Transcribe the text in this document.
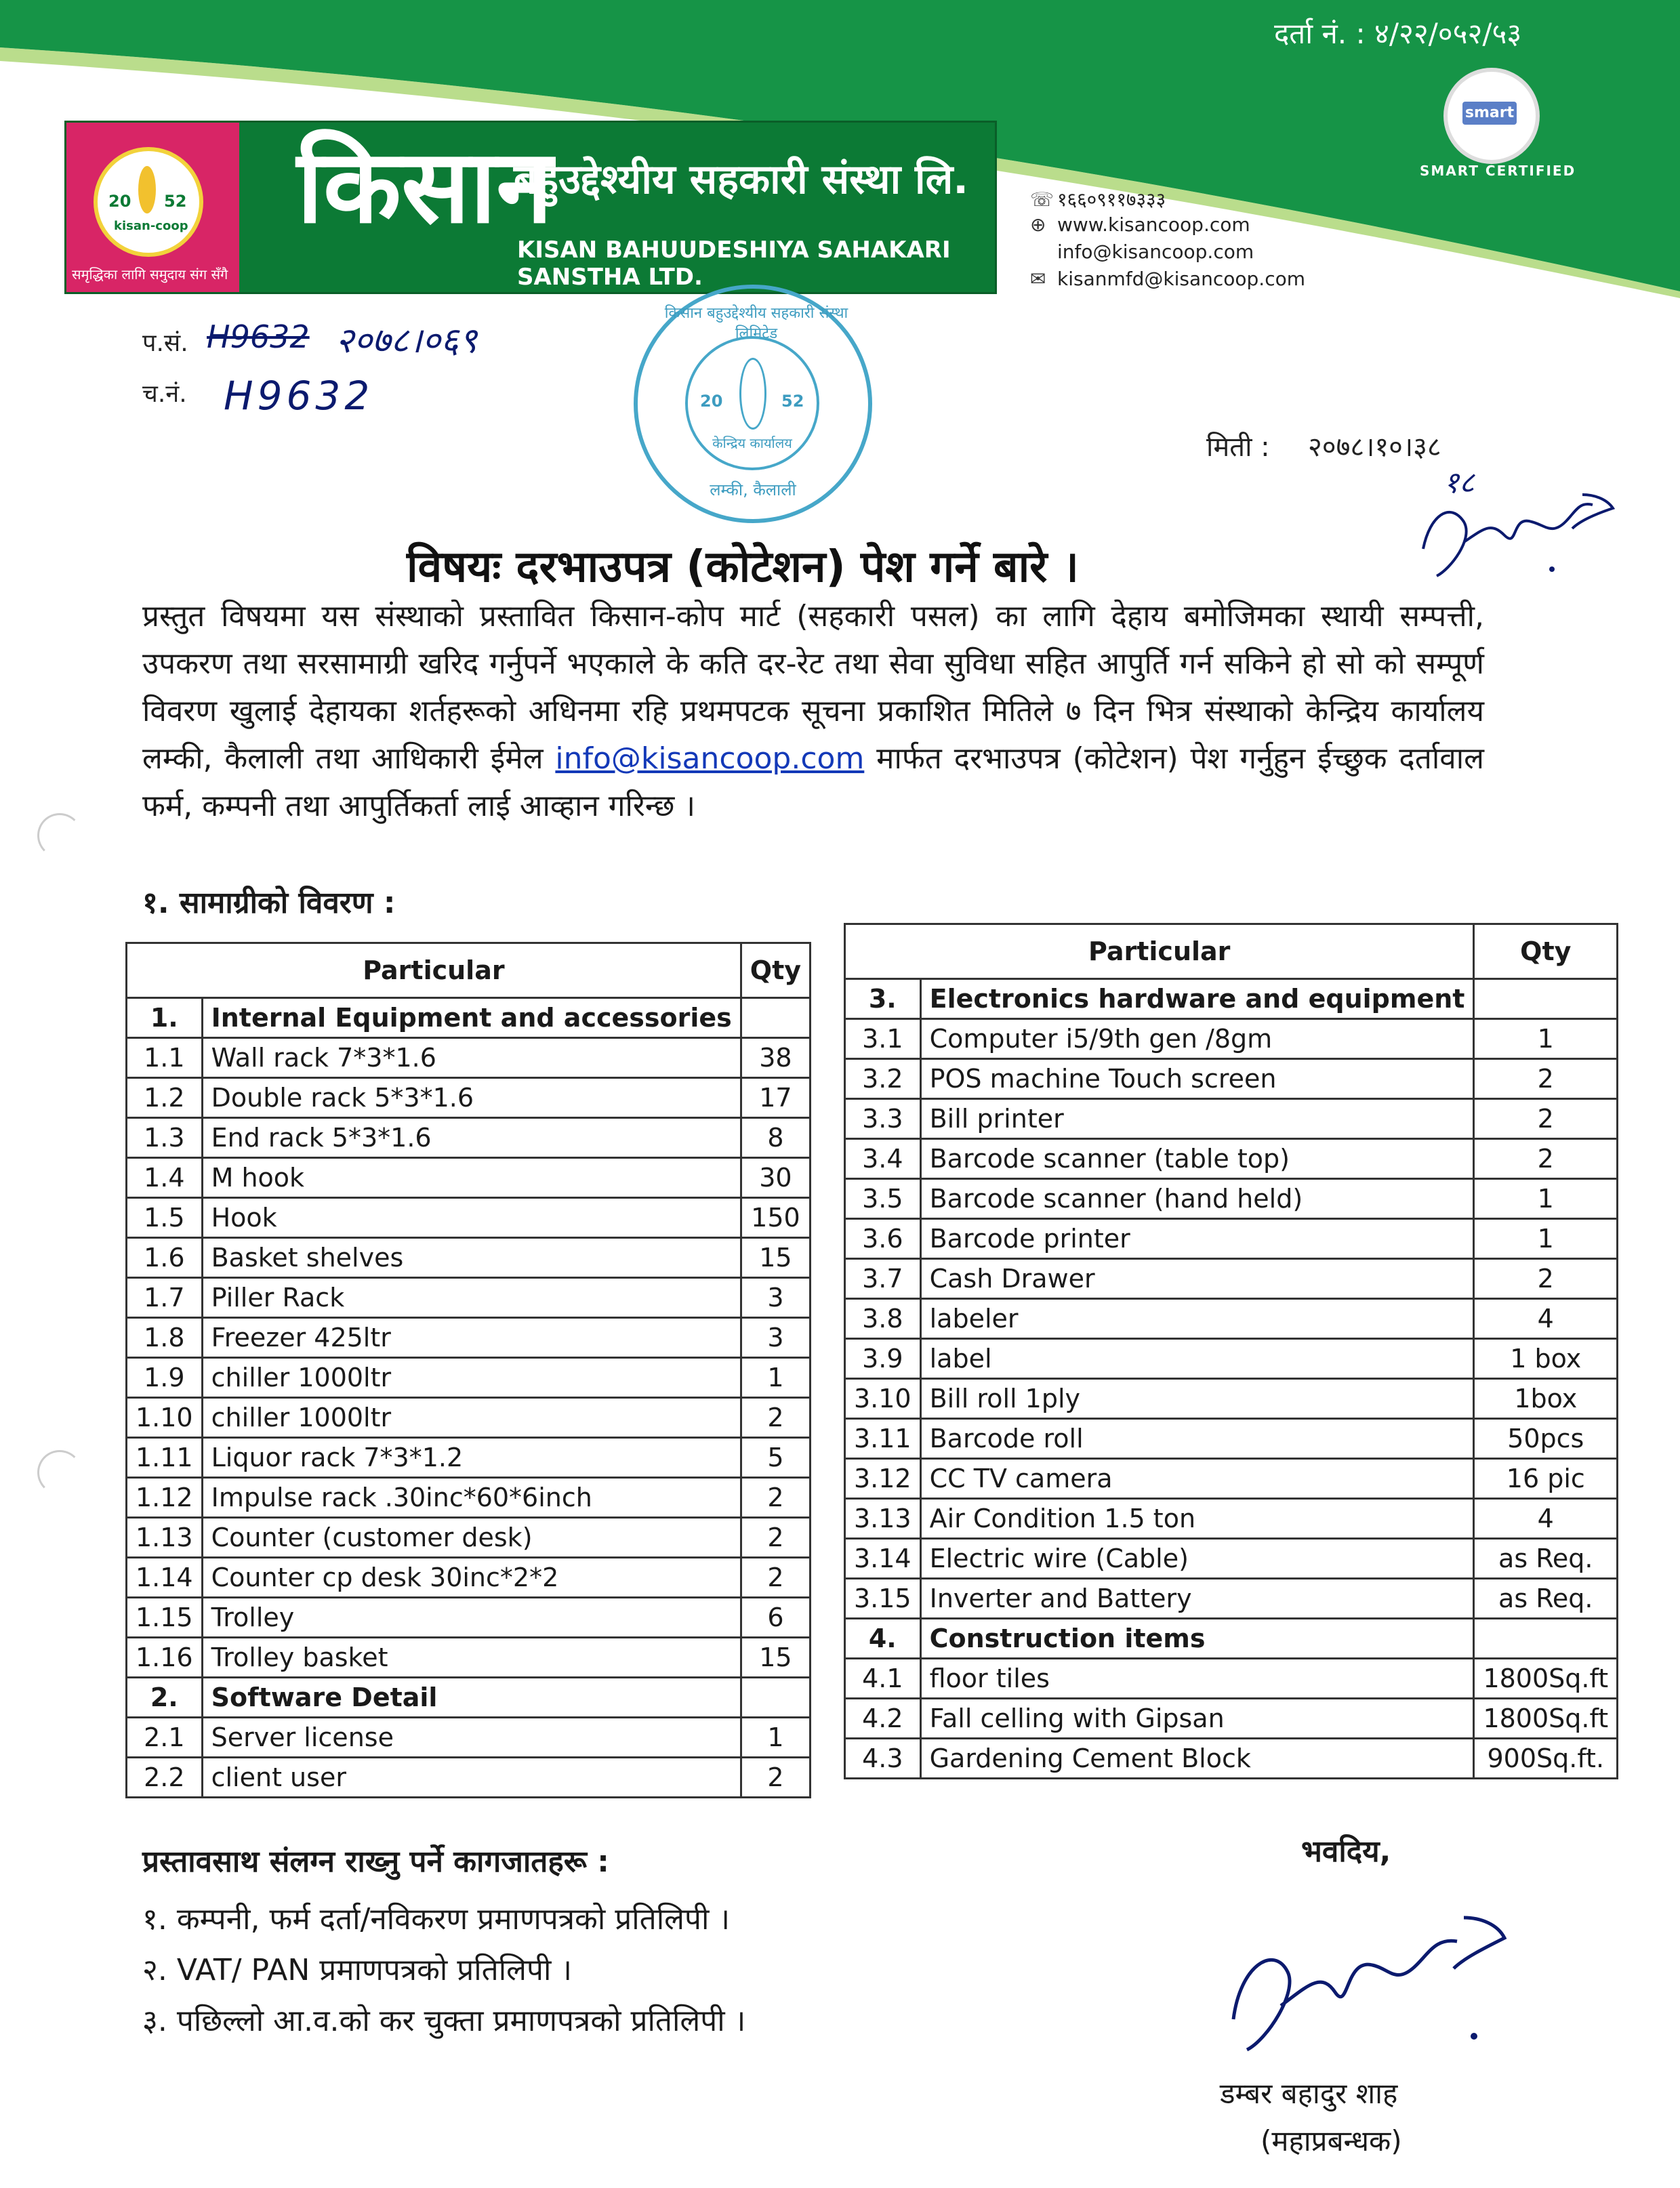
दर्ता नं. : ४/२२/०५२/५३
smart
SMART CERTIFIED
20 52
kisan-coop
समृद्धिका लागि समुदाय संग सँगै
किसान
बहुउद्देश्यीय सहकारी संस्था लि.
KISAN BAHUUDESHIYA SAHAKARI SANSTHA LTD.
☏ १६६०९११७३३३
⊕ www.kisancoop.com
info@kisancoop.com
✉ kisanmfd@kisancoop.com
प.सं. H9632 २०७८।०६९
च.नं. H9632
किसान बहुउद्देश्यीय सहकारी संस्था लिमिटेड
20	52
केन्द्रिय कार्यालय
लम्की, कैलाली
मिती : २०७८।१०।३८
१८
विषयः दरभाउपत्र (कोटेशन) पेश गर्ने बारे ।
प्रस्तुत विषयमा यस संस्थाको प्रस्तावित किसान-कोप मार्ट (सहकारी पसल) का लागि देहाय बमोजिमका स्थायी सम्पत्ती, उपकरण तथा सरसामाग्री खरिद गर्नुपर्ने भएकाले के कति दर-रेट तथा सेवा सुविधा सहित आपुर्ति गर्न सकिने हो सो को सम्पूर्ण विवरण खुलाई देहायका शर्तहरूको अधिनमा रहि प्रथमपटक सूचना प्रकाशित मितिले ७ दिन भित्र संस्थाको केन्द्रिय कार्यालय लम्की, कैलाली तथा आधिकारी ईमेल info@kisancoop.com मार्फत दरभाउपत्र (कोटेशन) पेश गर्नुहुन ईच्छुक दर्तावाल फर्म, कम्पनी तथा आपुर्तिकर्ता लाई आव्हान गरिन्छ ।
१. सामाग्रीको विवरण :
Particular		Qty
1.	Internal Equipment and accessories	
1.1	Wall rack 7*3*1.6	38
1.2	Double rack 5*3*1.6	17
1.3	End rack 5*3*1.6	8
1.4	M hook	30
1.5	Hook	150
1.6	Basket shelves	15
1.7	Piller Rack	3
1.8	Freezer 425ltr	3
1.9	chiller 1000ltr	1
1.10	chiller 1000ltr	2
1.11	Liquor rack 7*3*1.2	5
1.12	Impulse rack .30inc*60*6inch	2
1.13	Counter (customer desk)	2
1.14	Counter cp desk 30inc*2*2	2
1.15	Trolley	6
1.16	Trolley basket	15
2.	Software Detail	
2.1	Server license	1
2.2	client user	2
Particular		Qty
3.	Electronics hardware and equipment	
3.1	Computer i5/9th gen /8gm	1
3.2	POS machine Touch screen	2
3.3	Bill printer	2
3.4	Barcode scanner (table top)	2
3.5	Barcode scanner (hand held)	1
3.6	Barcode printer	1
3.7	Cash Drawer	2
3.8	labeler	4
3.9	label	1 box
3.10	Bill roll 1ply	1box
3.11	Barcode roll	50pcs
3.12	CC TV camera	16 pic
3.13	Air Condition 1.5 ton	4
3.14	Electric wire (Cable)	as Req.
3.15	Inverter and Battery	as Req.
4.	Construction items	
4.1	floor tiles	1800Sq.ft
4.2	Fall celling with Gipsan	1800Sq.ft
4.3	Gardening Cement Block	900Sq.ft.
प्रस्तावसाथ संलग्न राख्नु पर्ने कागजातहरू :
१. कम्पनी, फर्म दर्ता/नविकरण प्रमाणपत्रको प्रतिलिपी ।
२. VAT/ PAN प्रमाणपत्रको प्रतिलिपी ।
३. पछिल्लो आ.व.को कर चुक्ता प्रमाणपत्रको प्रतिलिपी ।
भवदिय,
डम्बर बहादुर शाह
(महाप्रबन्धक)
